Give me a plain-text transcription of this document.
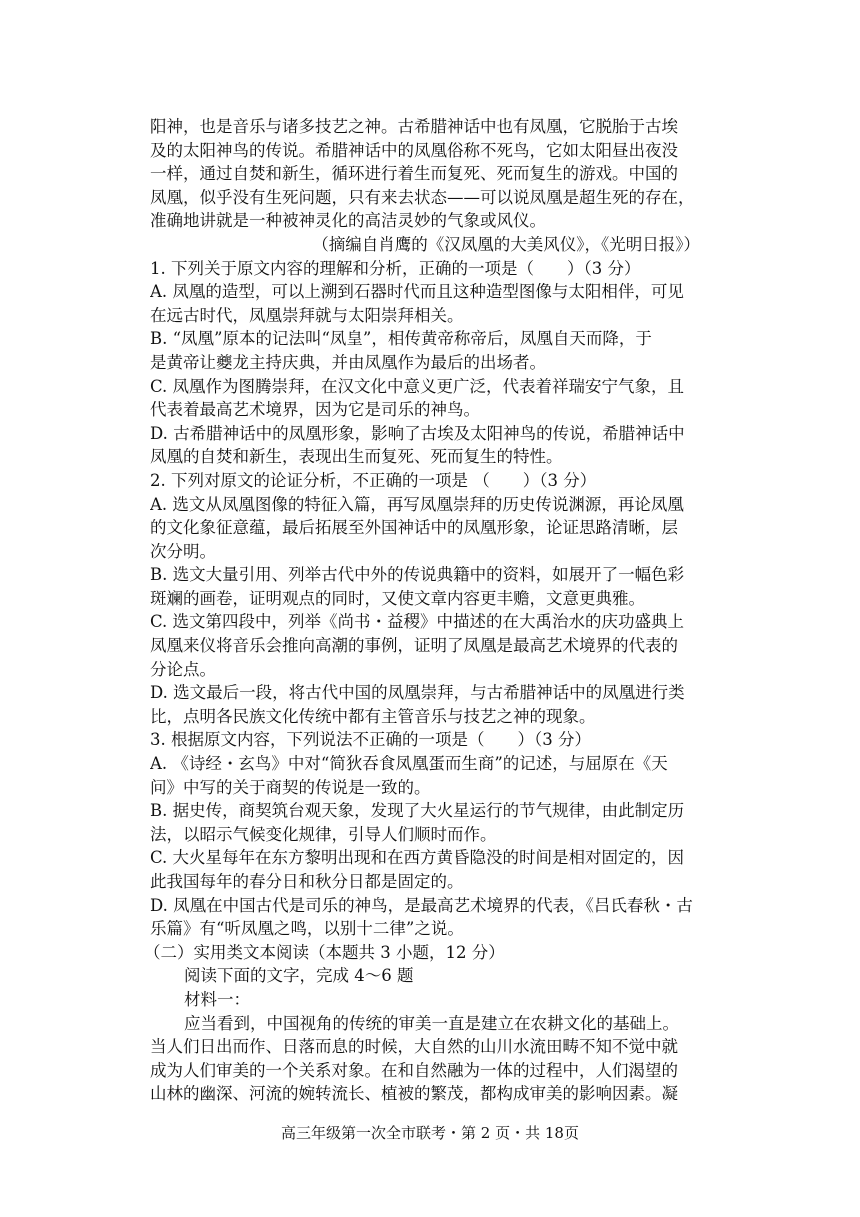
阳神，也是音乐与诸多技艺之神。古希腊神话中也有凤凰，它脱胎于古埃
及的太阳神鸟的传说。希腊神话中的凤凰俗称不死鸟，它如太阳昼出夜没
一样，通过自焚和新生，循环进行着生而复死、死而复生的游戏。中国的
凤凰，似乎没有生死问题，只有来去状态——可以说凤凰是超生死的存在，
准确地讲就是一种被神灵化的高洁灵妙的气象或风仪。
（摘编自肖鹰的《汉凤凰的大美风仪》，《光明日报》）
1. 下列关于原文内容的理解和分析，正确的一项是（　　）（3 分）
A. 凤凰的造型，可以上溯到石器时代而且这种造型图像与太阳相伴，可见
在远古时代，凤凰崇拜就与太阳崇拜相关。
B. “凤凰”原本的记法叫“凤皇”，相传黄帝称帝后，凤凰自天而降，于
是黄帝让夔龙主持庆典，并由凤凰作为最后的出场者。
C. 凤凰作为图腾崇拜，在汉文化中意义更广泛，代表着祥瑞安宁气象，且
代表着最高艺术境界，因为它是司乐的神鸟。
D. 古希腊神话中的凤凰形象，影响了古埃及太阳神鸟的传说，希腊神话中
凤凰的自焚和新生，表现出生而复死、死而复生的特性。
2. 下列对原文的论证分析，不正确的一项是 （　　）（3 分）
A. 选文从凤凰图像的特征入篇，再写凤凰崇拜的历史传说渊源，再论凤凰
的文化象征意蕴，最后拓展至外国神话中的凤凰形象，论证思路清晰，层
次分明。
B. 选文大量引用、列举古代中外的传说典籍中的资料，如展开了一幅色彩
斑斓的画卷，证明观点的同时，又使文章内容更丰赡，文意更典雅。
C. 选文第四段中，列举《尚书・益稷》中描述的在大禹治水的庆功盛典上
凤凰来仪将音乐会推向高潮的事例，证明了凤凰是最高艺术境界的代表的
分论点。
D. 选文最后一段，将古代中国的凤凰崇拜，与古希腊神话中的凤凰进行类
比，点明各民族文化传统中都有主管音乐与技艺之神的现象。
3. 根据原文内容，下列说法不正确的一项是（　　）（3 分）
A. 《诗经・玄鸟》中对“简狄吞食凤凰蛋而生商”的记述，与屈原在《天
问》中写的关于商契的传说是一致的。
B. 据史传，商契筑台观天象，发现了大火星运行的节气规律，由此制定历
法，以昭示气候变化规律，引导人们顺时而作。
C. 大火星每年在东方黎明出现和在西方黄昏隐没的时间是相对固定的，因
此我国每年的春分日和秋分日都是固定的。
D. 凤凰在中国古代是司乐的神鸟，是最高艺术境界的代表，《吕氏春秋・古
乐篇》有“听凤凰之鸣，以别十二律”之说。
（二）实用类文本阅读（本题共 3 小题，12 分）
阅读下面的文字，完成 4～6 题
材料一：
应当看到，中国视角的传统的审美一直是建立在农耕文化的基础上。
当人们日出而作、日落而息的时候，大自然的山川水流田畴不知不觉中就
成为人们审美的一个关系对象。在和自然融为一体的过程中，人们渴望的
山林的幽深、河流的婉转流长、植被的繁茂，都构成审美的影响因素。凝
高三年级第一次全市联考・第 2 页・共 18页
